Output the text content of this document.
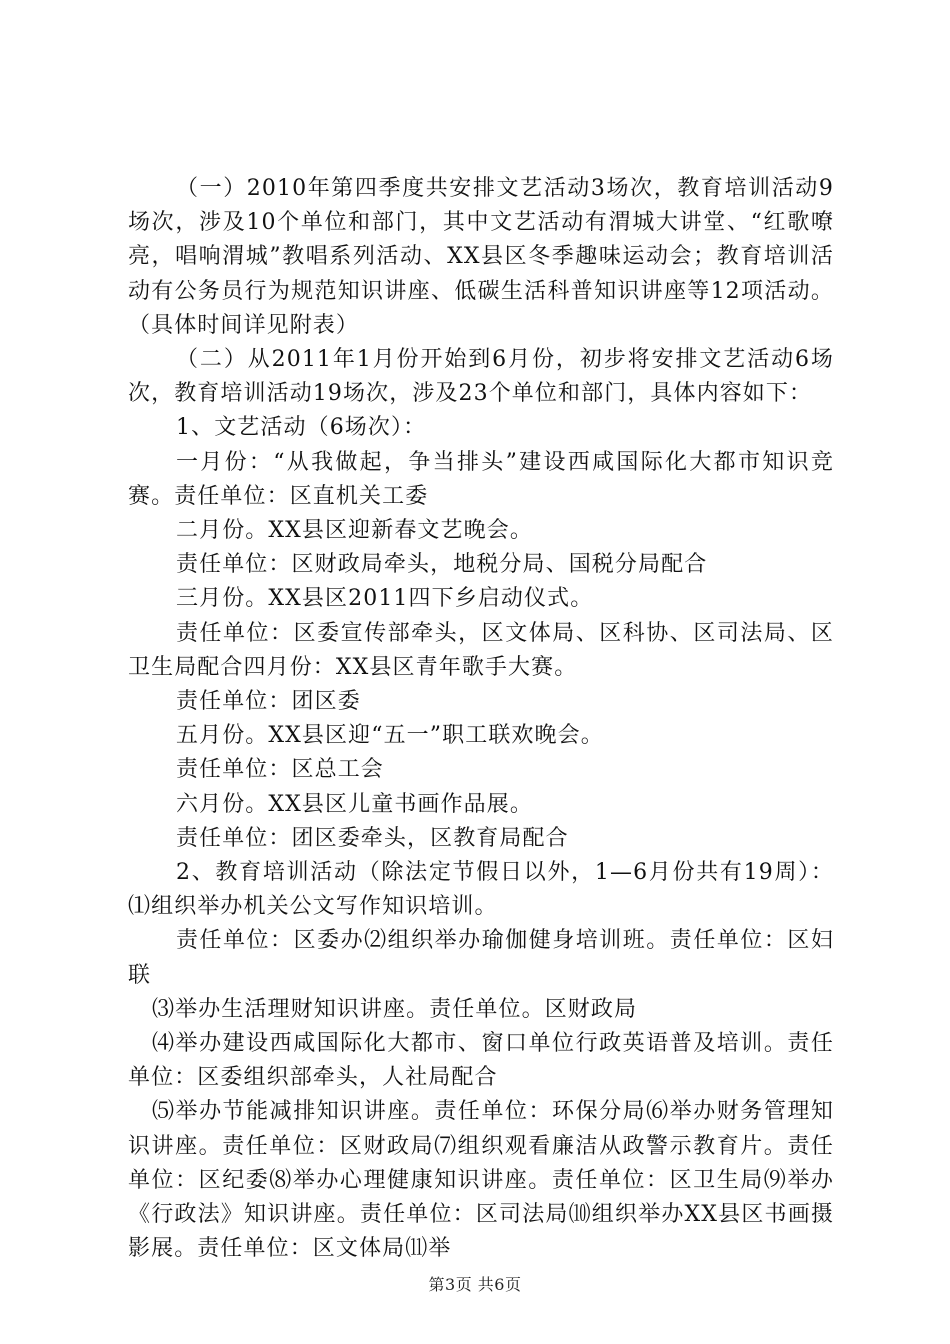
（一）2010年第四季度共安排文艺活动3场次，教育培训活动9场次，涉及10个单位和部门，其中文艺活动有渭城大讲堂、“红歌嘹亮，唱响渭城”教唱系列活动、XX县区冬季趣味运动会；教育培训活动有公务员行为规范知识讲座、低碳生活科普知识讲座等12项活动。（具体时间详见附表）

（二）从2011年1月份开始到6月份，初步将安排文艺活动6场次，教育培训活动19场次，涉及23个单位和部门，具体内容如下：

1、文艺活动（6场次）：

一月份：“从我做起，争当排头”建设西咸国际化大都市知识竞赛。责任单位：区直机关工委

二月份。XX县区迎新春文艺晚会。

责任单位：区财政局牵头，地税分局、国税分局配合

三月份。XX县区2011四下乡启动仪式。

责任单位：区委宣传部牵头，区文体局、区科协、区司法局、区卫生局配合四月份：XX县区青年歌手大赛。

责任单位：团区委

五月份。XX县区迎“五一”职工联欢晚会。

责任单位：区总工会

六月份。XX县区儿童书画作品展。

责任单位：团区委牵头，区教育局配合

2、教育培训活动（除法定节假日以外，1—6月份共有19周）：⑴组织举办机关公文写作知识培训。

责任单位：区委办⑵组织举办瑜伽健身培训班。责任单位：区妇联

⑶举办生活理财知识讲座。责任单位。区财政局

⑷举办建设西咸国际化大都市、窗口单位行政英语普及培训。责任单位：区委组织部牵头，人社局配合

⑸举办节能减排知识讲座。责任单位：环保分局⑹举办财务管理知识讲座。责任单位：区财政局⑺组织观看廉洁从政警示教育片。责任单位：区纪委⑻举办心理健康知识讲座。责任单位：区卫生局⑼举办《行政法》知识讲座。责任单位：区司法局⑽组织举办XX县区书画摄影展。责任单位：区文体局⑾举

第3页 共6页
